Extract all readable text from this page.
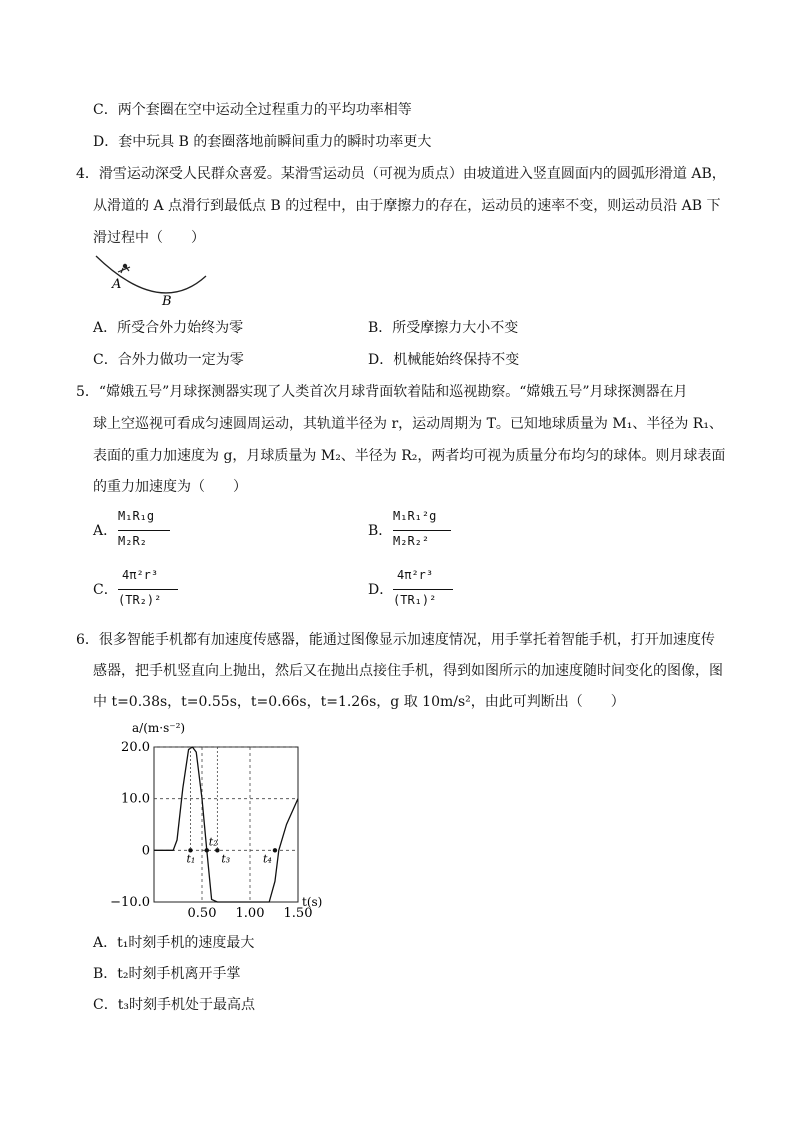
C．两个套圈在空中运动全过程重力的平均功率相等
D．套中玩具 B 的套圈落地前瞬间重力的瞬时功率更大
4．滑雪运动深受人民群众喜爱。某滑雪运动员（可视为质点）由坡道进入竖直圆面内的圆弧形滑道 AB，
从滑道的 A 点滑行到最低点 B 的过程中，由于摩擦力的存在，运动员的速率不变，则运动员沿 AB 下
滑过程中（　　）
A
B
A．所受合外力始终为零	B．所受摩擦力大小不变
C．合外力做功一定为零	D．机械能始终保持不变
5．“嫦娥五号”月球探测器实现了人类首次月球背面软着陆和巡视勘察。“嫦娥五号”月球探测器在月
球上空巡视可看成匀速圆周运动，其轨道半径为 r，运动周期为 T。已知地球质量为 M₁、半径为 R₁、
表面的重力加速度为 g，月球质量为 M₂、半径为 R₂，两者均可视为质量分布均匀的球体。则月球表面
的重力加速度为（　　）
A．
M₁R₁g
M₂R₂
B．
M₁R₁²g
M₂R₂²
C．
4π²r³
(TR₂)²
D．
4π²r³
(TR₁)²
6．很多智能手机都有加速度传感器，能通过图像显示加速度情况，用手掌托着智能手机，打开加速度传
感器，把手机竖直向上抛出，然后又在抛出点接住手机，得到如图所示的加速度随时间变化的图像，图
中 t=0.38s，t=0.55s，t=0.66s，t=1.26s，g 取 10m/s²，由此可判断出（　　）
a/(m·s⁻²)
t(s)
20.0
10.0
0
−10.0
0.50 1.00 1.50
t₁
t₂
t₃	t₄
A．t₁时刻手机的速度最大
B．t₂时刻手机离开手掌
C．t₃时刻手机处于最高点
